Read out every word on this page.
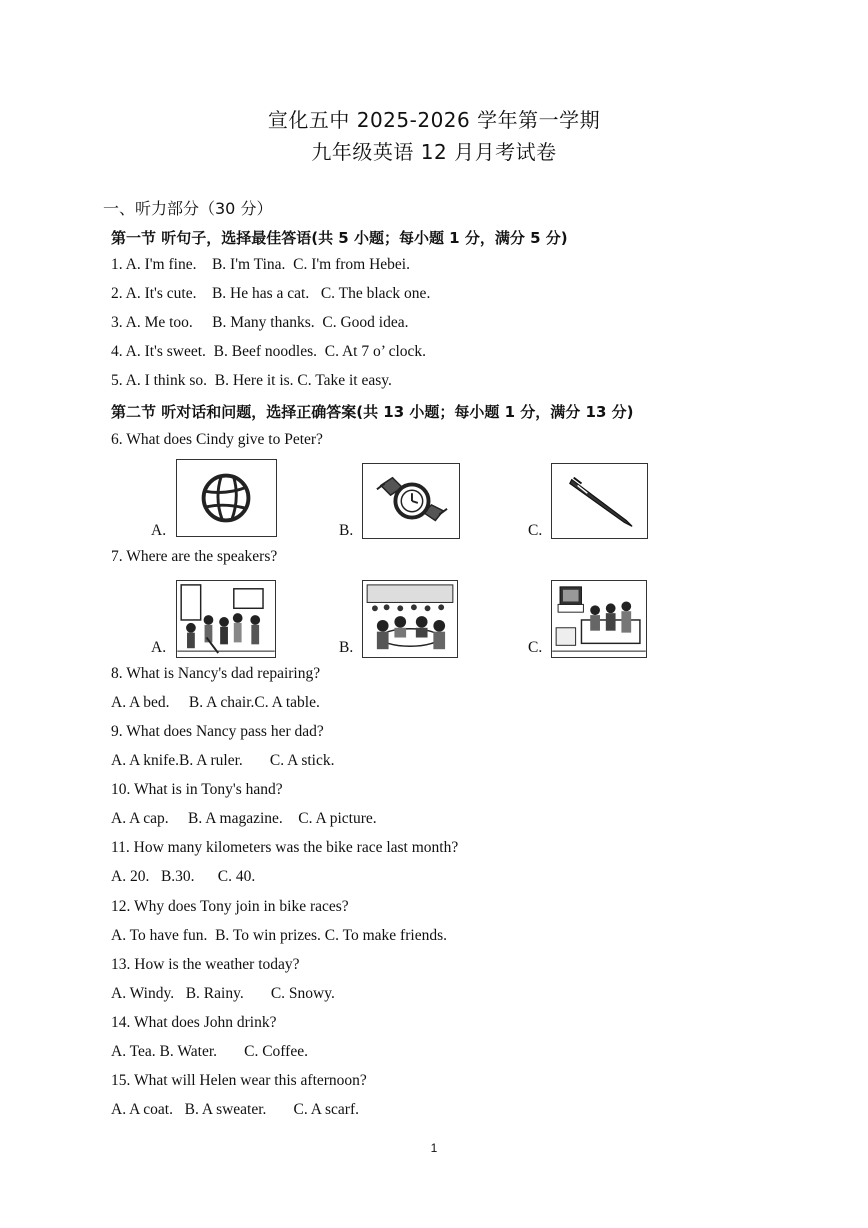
宣化五中 2025-2026 学年第一学期
九年级英语 12 月月考试卷
一、听力部分（30 分）
第一节 听句子，选择最佳答语(共 5 小题；每小题 1 分，满分 5 分)
1. A. I'm fine.    B. I'm Tina.  C. I'm from Hebei.
2. A. It's cute.    B. He has a cat.   C. The black one.
3. A. Me too.     B. Many thanks.  C. Good idea.
4. A. It's sweet.  B. Beef noodles.  C. At 7 o’ clock.
5. A. I think so.  B. Here it is. C. Take it easy.
第二节 听对话和问题，选择正确答案(共 13 小题；每小题 1 分，满分 13 分)
6. What does Cindy give to Peter?
A.	B.	C.
7. Where are the speakers?
A.	B.	C.
8. What is Nancy's dad repairing?
A. A bed.     B. A chair.C. A table.
9. What does Nancy pass her dad?
A. A knife.B. A ruler.       C. A stick.
10. What is in Tony's hand?
A. A cap.     B. A magazine.    C. A picture.
11. How many kilometers was the bike race last month?
A. 20.   B.30.      C. 40.
12. Why does Tony join in bike races?
A. To have fun.  B. To win prizes. C. To make friends.
13. How is the weather today?
A. Windy.   B. Rainy.       C. Snowy.
14. What does John drink?
A. Tea. B. Water.       C. Coffee.
15. What will Helen wear this afternoon?
A. A coat.   B. A sweater.       C. A scarf.
1
